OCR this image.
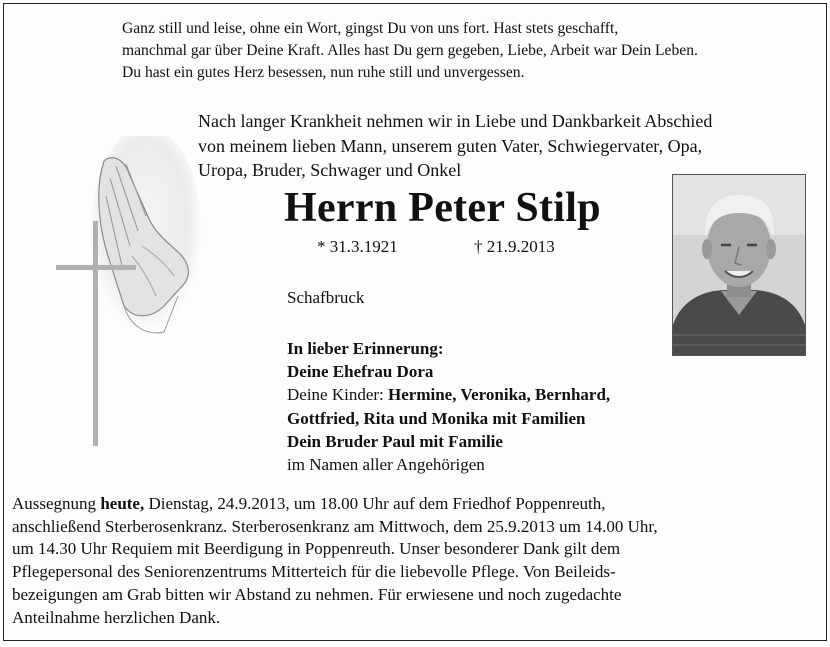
Ganz still und leise, ohne ein Wort, gingst Du von uns fort. Hast stets geschafft,
manchmal gar über Deine Kraft. Alles hast Du gern gegeben, Liebe, Arbeit war Dein Leben.
Du hast ein gutes Herz besessen, nun ruhe still und unvergessen.
Nach langer Krankheit nehmen wir in Liebe und Dankbarkeit Abschied
von meinem lieben Mann, unserem guten Vater, Schwiegervater, Opa,
Uropa, Bruder, Schwager und Onkel
Herrn Peter Stilp
* 31.3.1921	† 21.9.2013
Schafbruck
In lieber Erinnerung:
Deine Ehefrau Dora
Deine Kinder: Hermine, Veronika, Bernhard,
Gottfried, Rita und Monika mit Familien
Dein Bruder Paul mit Familie
im Namen aller Angehörigen
Aussegnung heute, Dienstag, 24.9.2013, um 18.00 Uhr auf dem Friedhof Poppenreuth,
anschließend Sterberosenkranz. Sterberosenkranz am Mittwoch, dem 25.9.2013 um 14.00 Uhr,
um 14.30 Uhr Requiem mit Beerdigung in Poppenreuth. Unser besonderer Dank gilt dem
Pflegepersonal des Seniorenzentrums Mitterteich für die liebevolle Pflege. Von Beileids-
bezeigungen am Grab bitten wir Abstand zu nehmen. Für erwiesene und noch zugedachte
Anteilnahme herzlichen Dank.
